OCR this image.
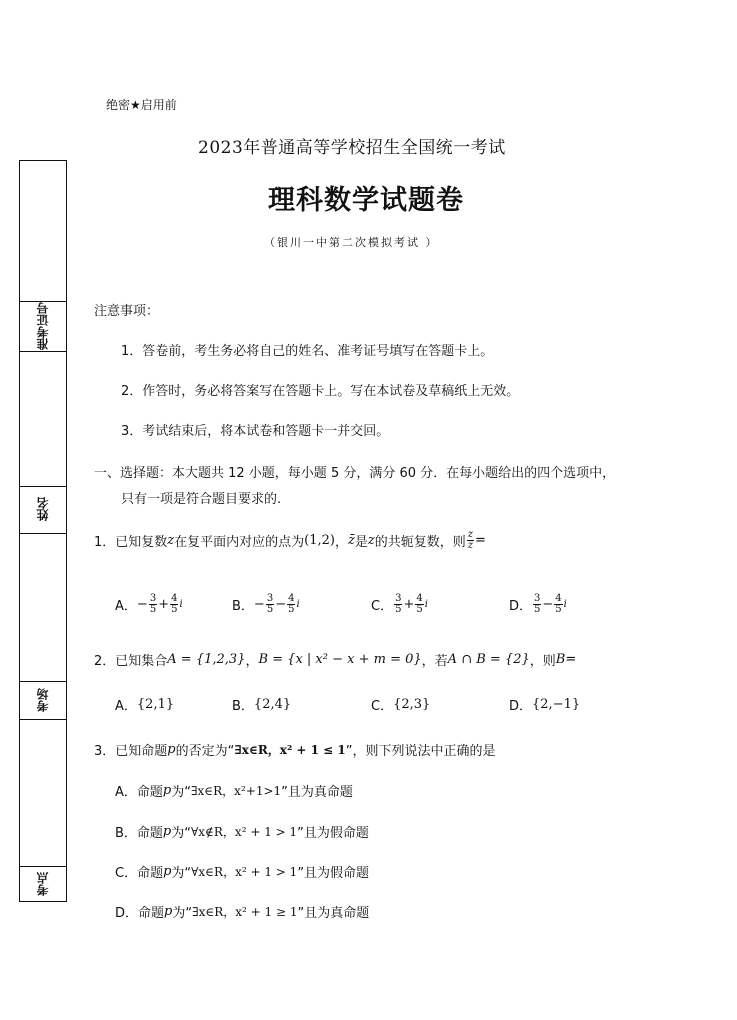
准考证号
姓名
考场
考点
绝密★启用前
2023年普通高等学校招生全国统一考试
理科数学试题卷
（银川一中第二次模拟考试 ）
注意事项：
1．答卷前，考生务必将自己的姓名、准考证号填写在答题卡上。
2．作答时，务必将答案写在答题卡上。写在本试卷及草稿纸上无效。
3．考试结束后，将本试卷和答题卡一并交回。
一、选择题：本大题共 12 小题，每小题 5 分，满分 60 分．在每小题给出的四个选项中，
只有一项是符合题目要求的.
1．已知复数 z 在复平面内对应的点为 (1,2) ， z̄ 是 z 的共轭复数，则 $\frac{z}{z̄}$ =
A． − $\frac{3}{5} + \frac{4}{5}$ i	B． − $\frac{3}{5} - \frac{4}{5}$ i	C． $\frac{3}{5} + \frac{4}{5}$ i	D． $\frac{3}{5} - \frac{4}{5}$ i
2．已知集合 A = {1,2,3} ， B = {x | x² − x + m = 0} ，若 A ∩ B = {2} ，则 B =
A． {2,1}	B． {2,4}	C． {2,3}	D． {2,−1}
3．已知命题 p 的否定为“ ∃x∈R，x² + 1 ≤ 1 ”，则下列说法中正确的是
A．命题 p 为“ ∃x∈R，x²+1>1 ”且为真命题
B．命题 p 为“ ∀x∉R，x² + 1 > 1 ”且为假命题
C．命题 p 为“ ∀x∈R，x² + 1 > 1 ”且为假命题
D．命题 p 为“ ∃x∈R，x² + 1 ≥ 1 ”且为真命题
